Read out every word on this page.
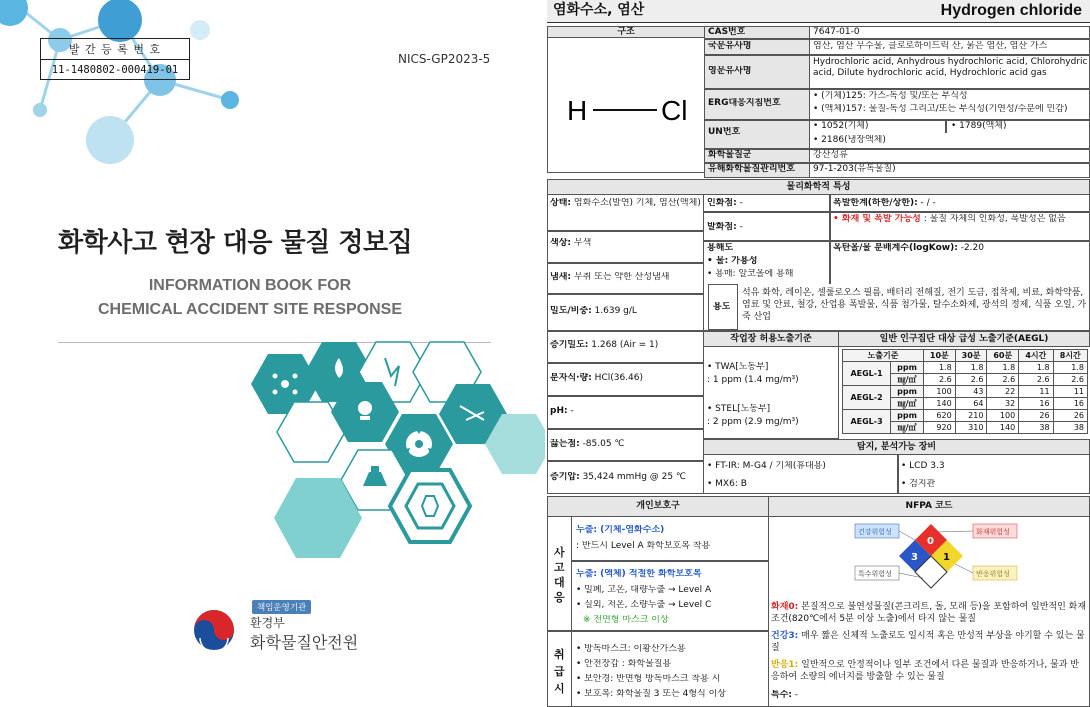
발 간 등 록 번 호
11-1480802-000419-01
NICS-GP2023-5
화학사고 현장 대응 물질 정보집
INFORMATION BOOK FOR
CHEMICAL ACCIDENT SITE RESPONSE
책임운영기관
환경부
화학물질안전원
염화수소, 염산	Hydrogen chloride
구조
H	Cl
CAS번호	7647-01-0
국문유사명	염산, 염산 무수물, 클로로하이드릭 산, 묽은 염산, 염산 가스
영문유사명
Hydrochloric acid, Anhydrous hydrochloric acid, Chlorohydric acid, Dilute hydrochloric acid, Hydrochloric acid gas
ERG대응지침번호
• (기체)125: 가스-독성 및/또는 부식성
• (액체)157: 물질-독성 그리고/또는 부식성(기연성/수분에 민감)
UN번호
• 1052(기체)	• 1789(액체)
• 2186(냉장액체)
화학물질군	강산성류
유해화학물질관리번호 97-1-203(유독물질)
물리화학적 특성
상태: 염화수소(발연) 기체, 염산(액체)
색상: 무색
냄새: 무취 또는 약한 산성냄새
밀도/비중: 1.639 g/L
증기밀도: 1.268 (Air = 1)
분자식·량: HCl(36.46)
pH: -
끓는점: -85.05 ℃
증기압: 35,424 mmHg @ 25 ℃
인화점: -	폭발한계(하한/상한): - / -
발화점: -
• 화재 및 폭발 가능성 : 물질 자체의 인화성, 폭발성은 없음
용해도
• 물: 가용성
• 용매: 알코올에 용해
옥탄올/물 분배계수(logKow): -2.20
용도
석유 화학, 레이온, 셀룰로오스 필름, 배터리 전해질, 전기 도금, 접착제, 비료, 화학약품, 염료 및 안료, 철강, 산업용 폭발물, 식품 첨가물, 탈수소화제, 광석의 정제, 식품 오일, 가죽 산업
작업장 허용노출기준	일반 인구집단 대상 급성 노출기준(AEGL)
• TWA[노동부]
: 1 ppm (1.4 mg/m³)
• STEL[노동부]
: 2 ppm (2.9 mg/m³)
노출기준		10분	30분	60분	4시간	8시간
AEGL-1	ppm	1.8	1.8	1.8	1.8	1.8
	㎎/㎥	2.6	2.6	2.6	2.6	2.6
AEGL-2	ppm	100	43	22	11	11
	㎎/㎥	140	64	32	16	16
AEGL-3	ppm	620	210	100	26	26
	㎎/㎥	920	310	140	38	38
탐지, 분석가능 장비
• FT-IR: M-G4 / 기체(휴대용)	• LCD 3.3
• MX6: B	• 검지관
개인보호구	NFPA 코드
사고대응
취급시
누출: (기체-염화수소)
: 반드시 Level A 화학보호복 착용
누출: (액체) 적절한 화학보호복
• 밀폐, 고온, 대량누출 → Level A
• 실외, 저온, 소량누출 → Level C
※ 전면형 마스크 이상
• 방독마스크: 이황산가스용
• 안전장갑 : 화학물질용
• 보안경: 반면형 방독마스크 착용 시
• 보호복: 화학물질 3 또는 4형식 이상
0
3	1
건강위험성	화재위험성
특수위험성	반응위험성
화재0: 본질적으로 불연성물질(콘크리트, 돌, 모래 등)을 포함하여 일반적인 화재 조건(820℃에서 5분 이상 노출)에서 타지 않는 물질
건강3: 매우 짧은 신체적 노출로도 일시적 혹은 만성적 부상을 야기할 수 있는 물질
반응1: 일반적으로 안정적이나 일부 조건에서 다른 물질과 반응하거나, 물과 반응하여 소량의 에너지를 방출할 수 있는 물질
특수: -
